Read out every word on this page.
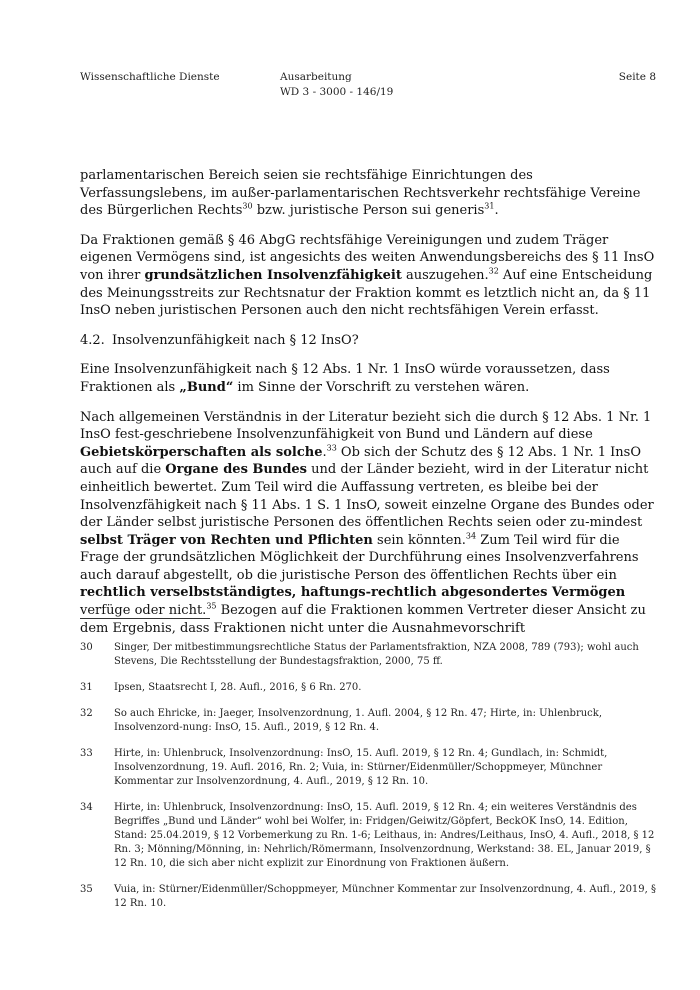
Wissenschaftliche Dienste	Ausarbeitung
WD 3 - 3000 - 146/19
Seite 8

parlamentarischen Bereich seien sie rechtsfähige Einrichtungen des Verfassungslebens, im außer-parlamentarischen Rechtsverkehr rechtsfähige Vereine des Bürgerlichen Rechts$^{30}$ bzw. juristische Person sui generis$^{31}$.

Da Fraktionen gemäß § 46 AbgG rechtsfähige Vereinigungen und zudem Träger eigenen Vermögens sind, ist angesichts des weiten Anwendungsbereichs des § 11 InsO von ihrer grundsätzlichen Insolvenzfähigkeit auszugehen.$^{32}$ Auf eine Entscheidung des Meinungsstreits zur Rechtsnatur der Fraktion kommt es letztlich nicht an, da § 11 InsO neben juristischen Personen auch den nicht rechtsfähigen Verein erfasst.

4.2. Insolvenzunfähigkeit nach § 12 InsO?

Eine Insolvenzunfähigkeit nach § 12 Abs. 1 Nr. 1 InsO würde voraussetzen, dass Fraktionen als „Bund“ im Sinne der Vorschrift zu verstehen wären.

Nach allgemeinen Verständnis in der Literatur bezieht sich die durch § 12 Abs. 1 Nr. 1 InsO fest-geschriebene Insolvenzunfähigkeit von Bund und Ländern auf diese Gebietskörperschaften als solche.$^{33}$ Ob sich der Schutz des § 12 Abs. 1 Nr. 1 InsO auch auf die Organe des Bundes und der Länder bezieht, wird in der Literatur nicht einheitlich bewertet. Zum Teil wird die Auffassung vertreten, es bleibe bei der Insolvenzfähigkeit nach § 11 Abs. 1 S. 1 InsO, soweit einzelne Organe des Bundes oder der Länder selbst juristische Personen des öffentlichen Rechts seien oder zu-mindest selbst Träger von Rechten und Pflichten sein könnten.$^{34}$ Zum Teil wird für die Frage der grundsätzlichen Möglichkeit der Durchführung eines Insolvenzverfahrens auch darauf abgestellt, ob die juristische Person des öffentlichen Rechts über ein rechtlich verselbstständigtes, haftungs-rechtlich abgesondertes Vermögen verfüge oder nicht.$^{35}$ Bezogen auf die Fraktionen kommen Vertreter dieser Ansicht zu dem Ergebnis, dass Fraktionen nicht unter die Ausnahmevorschrift

30	Singer, Der mitbestimmungsrechtliche Status der Parlamentsfraktion, NZA 2008, 789 (793); wohl auch Stevens, Die Rechtsstellung der Bundestagsfraktion, 2000, 75 ff.
31	Ipsen, Staatsrecht I, 28. Aufl., 2016, § 6 Rn. 270.
32	So auch Ehricke, in: Jaeger, Insolvenzordnung, 1. Aufl. 2004, § 12 Rn. 47; Hirte, in: Uhlenbruck, Insolvenzord-nung: InsO, 15. Aufl., 2019, § 12 Rn. 4.
33	Hirte, in: Uhlenbruck, Insolvenzordnung: InsO, 15. Aufl. 2019, § 12 Rn. 4; Gundlach, in: Schmidt, Insolvenzordnung, 19. Aufl. 2016, Rn. 2; Vuia, in: Stürner/Eidenmüller/Schoppmeyer, Münchner Kommentar zur Insolvenzordnung, 4. Aufl., 2019, § 12 Rn. 10.
34	Hirte, in: Uhlenbruck, Insolvenzordnung: InsO, 15. Aufl. 2019, § 12 Rn. 4; ein weiteres Verständnis des Begriffes „Bund und Länder“ wohl bei Wolfer, in: Fridgen/Geiwitz/Göpfert, BeckOK InsO, 14. Edition, Stand: 25.04.2019, § 12 Vorbemerkung zu Rn. 1-6; Leithaus, in: Andres/Leithaus, InsO, 4. Aufl., 2018, § 12 Rn. 3; Mönning/Mönning, in: Nehrlich/Römermann, Insolvenzordnung, Werkstand: 38. EL, Januar 2019, § 12 Rn. 10, die sich aber nicht explizit zur Einordnung von Fraktionen äußern.
35	Vuia, in: Stürner/Eidenmüller/Schoppmeyer, Münchner Kommentar zur Insolvenzordnung, 4. Aufl., 2019, § 12 Rn. 10.
